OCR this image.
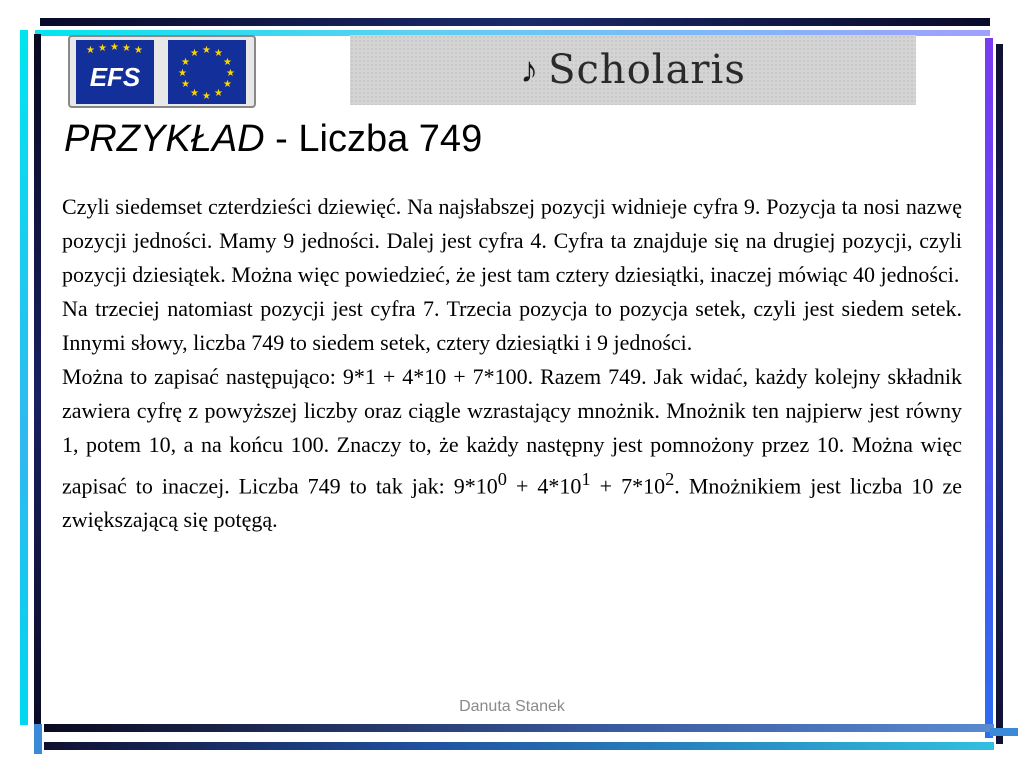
★ ★ ★ ★ ★
EFS
★ ★
★
★
★
★
★
★
★
★
★
★	♪ Scholaris
PRZYKŁAD - Liczba 749

Czyli siedemset czterdzieści dziewięć. Na najsłabszej pozycji widnieje cyfra 9. Pozycja ta nosi nazwę pozycji jedności. Mamy 9 jedności. Dalej jest cyfra 4. Cyfra ta znajduje się na drugiej pozycji, czyli pozycji dziesiątek. Można więc powiedzieć, że jest tam cztery dziesiątki, inaczej mówiąc 40 jedności.

Na trzeciej natomiast pozycji jest cyfra 7. Trzecia pozycja to pozycja setek, czyli jest siedem setek. Innymi słowy, liczba 749 to siedem setek, cztery dziesiątki i 9 jedności.

Można to zapisać następująco: 9*1 + 4*10 + 7*100. Razem 749. Jak widać, każdy kolejny składnik zawiera cyfrę z powyższej liczby oraz ciągle wzrastający mnożnik. Mnożnik ten najpierw jest równy 1, potem 10, a na końcu 100. Znaczy to, że każdy następny jest pomnożony przez 10. Można więc zapisać to inaczej. Liczba 749 to tak jak: $9*10^0 + 4*10^1 + 7*10^2$. Mnożnikiem jest liczba 10 ze zwiększającą się potęgą.

Danuta Stanek
